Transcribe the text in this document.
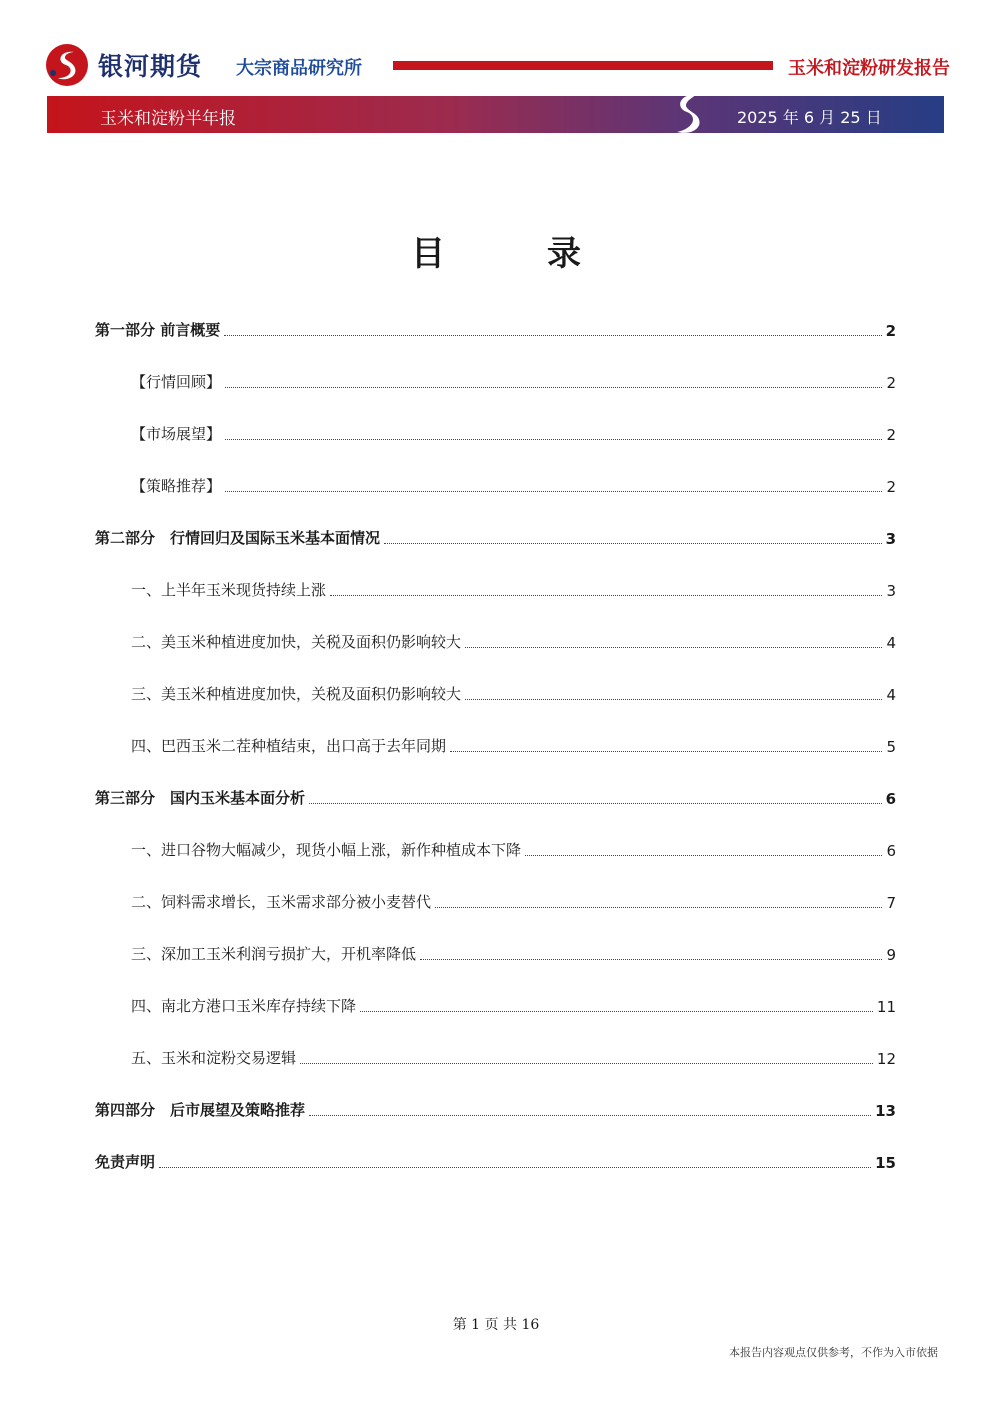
银河期货 大宗商品研究所	玉米和淀粉研发报告
玉米和淀粉半年报	2025 年 6 月 25 日
目　录
第一部分 前言概要	2
【行情回顾】	2
【市场展望】	2
【策略推荐】	2
第二部分　行情回归及国际玉米基本面情况	3
一、上半年玉米现货持续上涨	3
二、美玉米种植进度加快，关税及面积仍影响较大	4
三、美玉米种植进度加快，关税及面积仍影响较大	4
四、巴西玉米二茬种植结束，出口高于去年同期	5
第三部分　国内玉米基本面分析	6
一、进口谷物大幅减少，现货小幅上涨，新作种植成本下降	6
二、饲料需求增长，玉米需求部分被小麦替代	7
三、深加工玉米利润亏损扩大，开机率降低	9
四、南北方港口玉米库存持续下降	11
五、玉米和淀粉交易逻辑	12
第四部分　后市展望及策略推荐	13
免责声明	15
第 1 页 共 16
本报告内容观点仅供参考，不作为入市依据
